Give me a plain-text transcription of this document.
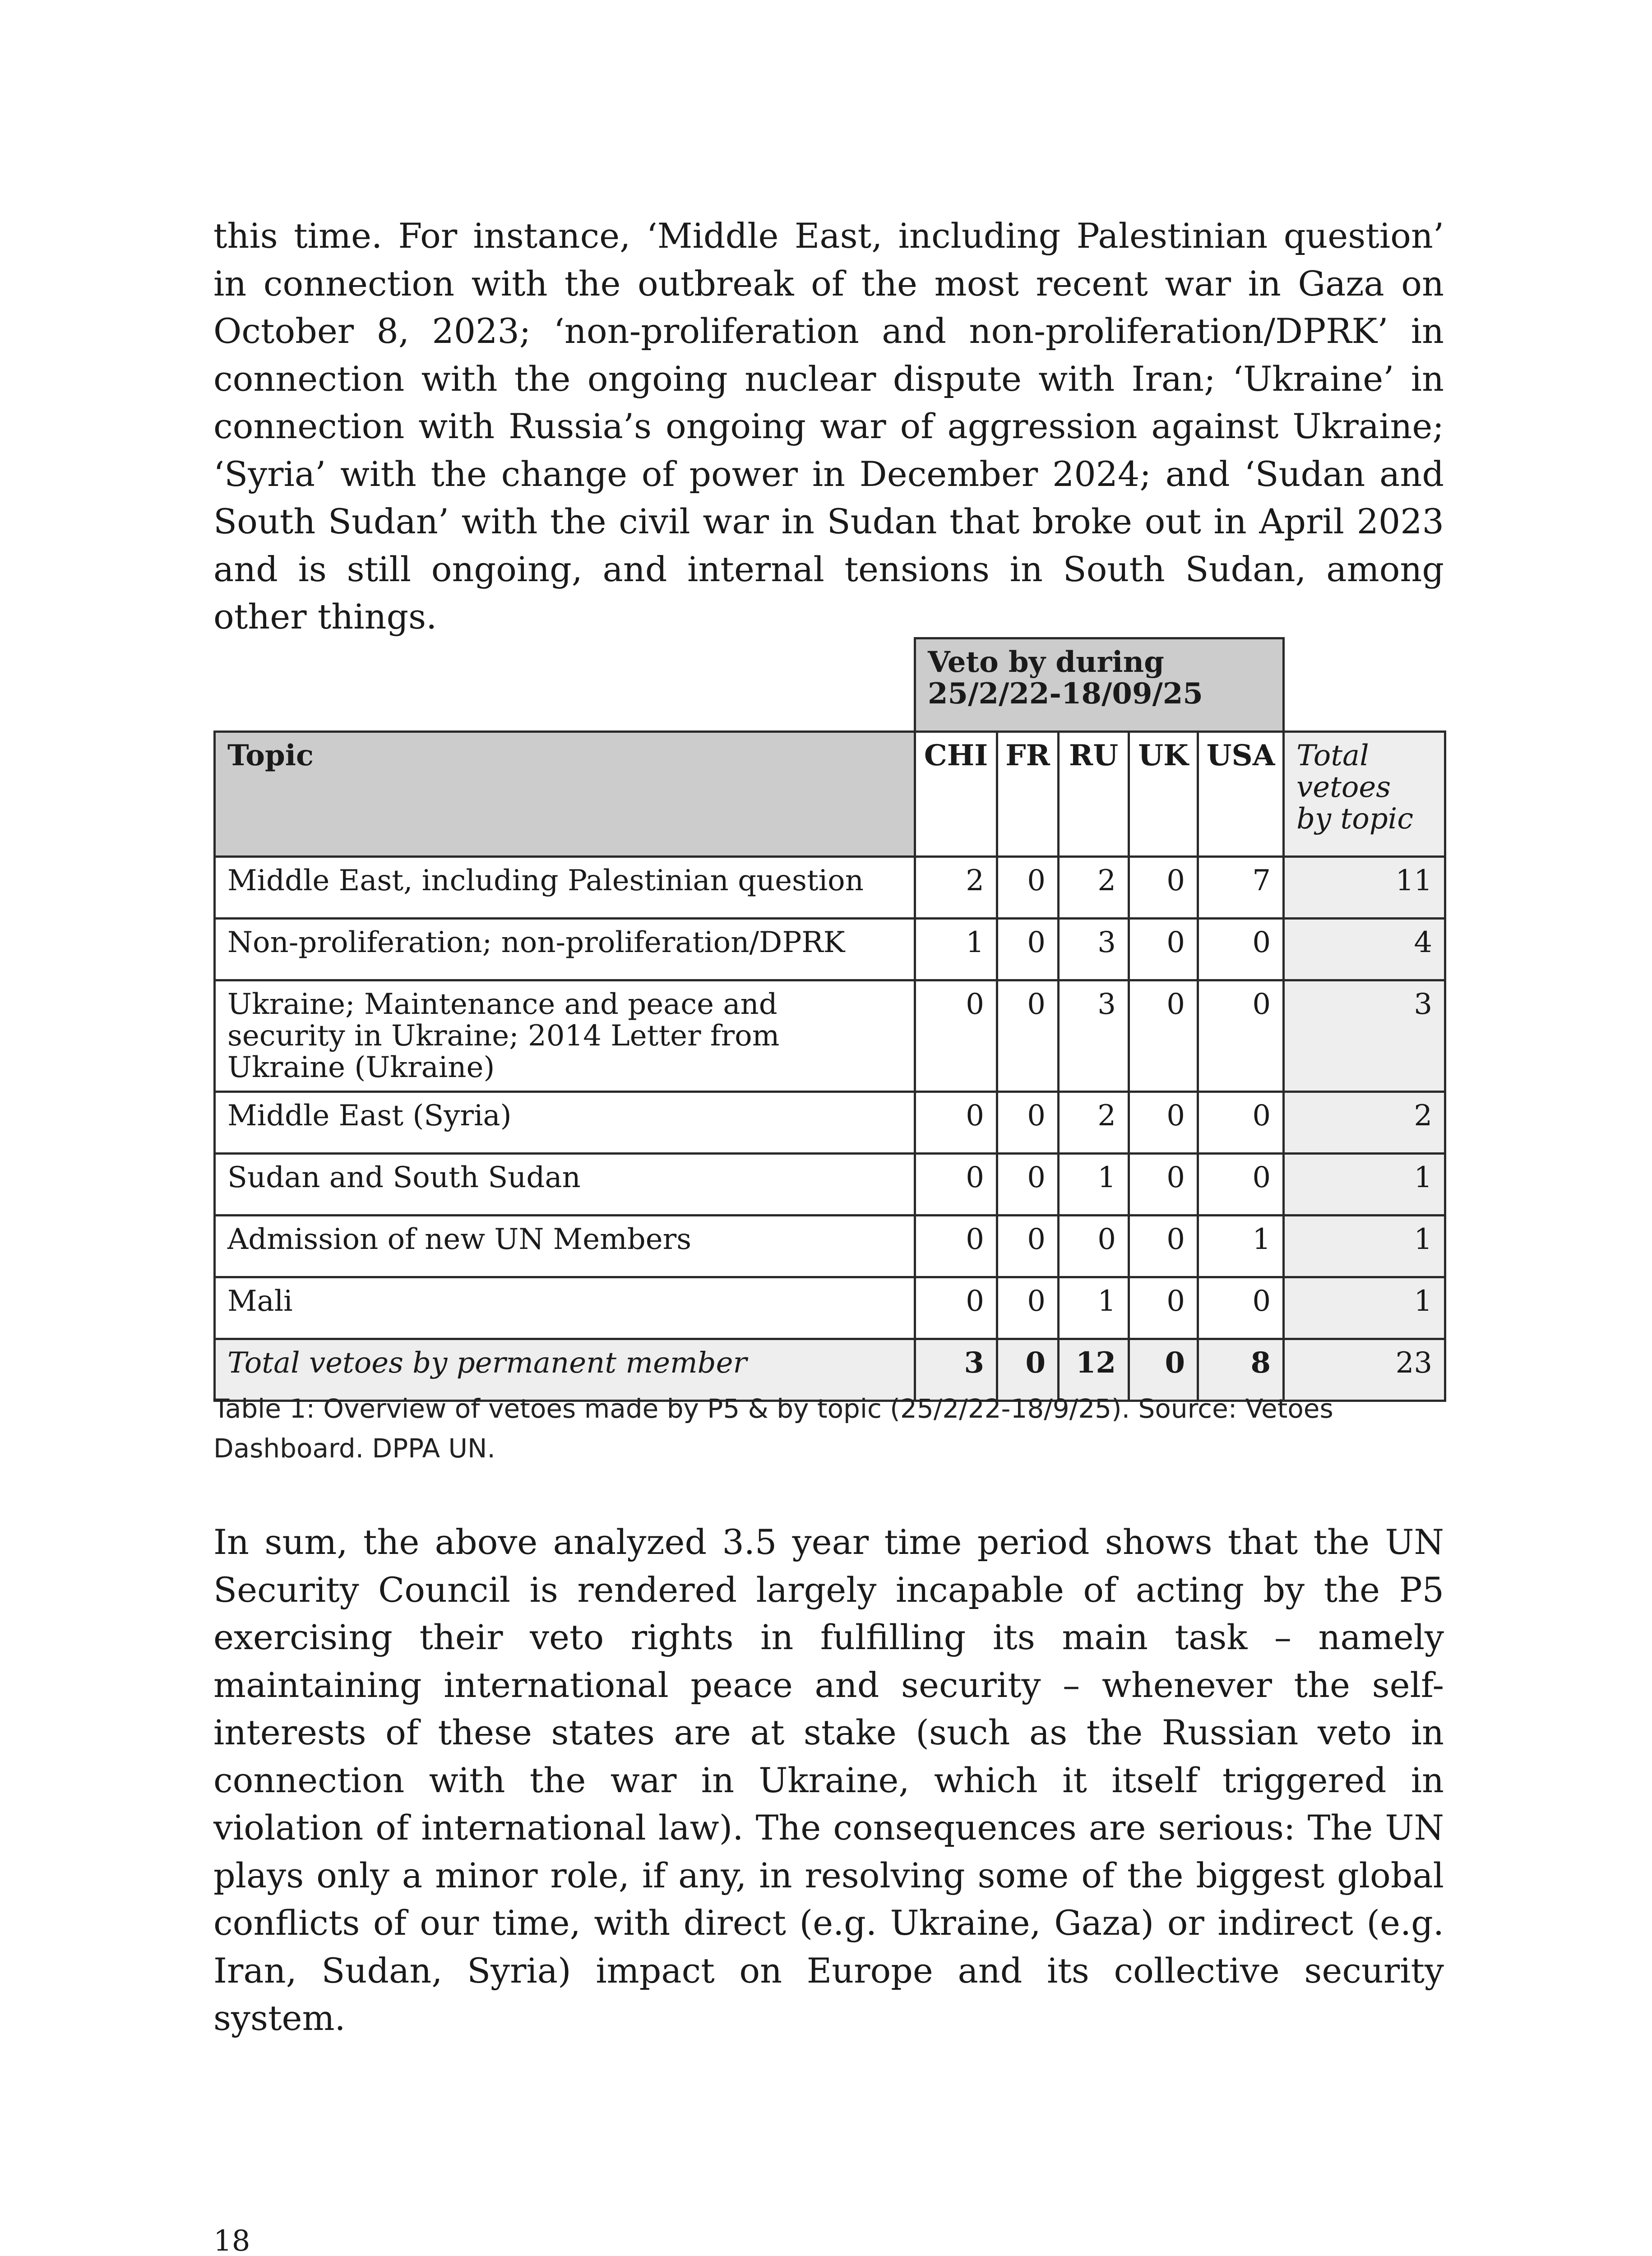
this time. For instance, ‘Middle East, including Palestinian question’ in connection with the outbreak of the most recent war in Gaza on October 8, 2023; ‘non-proliferation and non-proliferation/DPRK’ in connection with the ongoing nuclear dispute with Iran; ‘Ukraine’ in connection with Russia’s ongoing war of aggression against Ukraine; ‘Syria’ with the change of power in December 2024; and ‘Sudan and South Sudan’ with the civil war in Sudan that broke out in April 2023 and is still ongoing, and internal tensions in South Sudan, among other things.

	Veto by during 25/2/22-18/09/25					
Topic	CHI	FR	RU	UK	USA	Total vetoes by topic
Middle East, including Palestinian question	2	0	2	0	7	11
Non-proliferation; non-proliferation/DPRK	1	0	3	0	0	4
Ukraine; Maintenance and peace and security in Ukraine; 2014 Letter from Ukraine (Ukraine)	0	0	3	0	0	3
Middle East (Syria)	0	0	2	0	0	2
Sudan and South Sudan	0	0	1	0	0	1
Admission of new UN Members	0	0	0	0	1	1
Mali	0	0	1	0	0	1
Total vetoes by permanent member	3	0	12	0	8	23

Table 1: Overview of vetoes made by P5 & by topic (25/2/22-18/9/25). Source: Vetoes Dashboard. DPPA UN.

In sum, the above analyzed 3.5 year time period shows that the UN Security Council is rendered largely incapable of acting by the P5 exercising their veto rights in fulfilling its main task – namely maintaining international peace and security – whenever the self-interests of these states are at stake (such as the Russian veto in connection with the war in Ukraine, which it itself triggered in violation of international law). The consequences are serious: The UN plays only a minor role, if any, in resolving some of the biggest global conflicts of our time, with direct (e.g. Ukraine, Gaza) or indirect (e.g. Iran, Sudan, Syria) impact on Europe and its collective security system.

18
